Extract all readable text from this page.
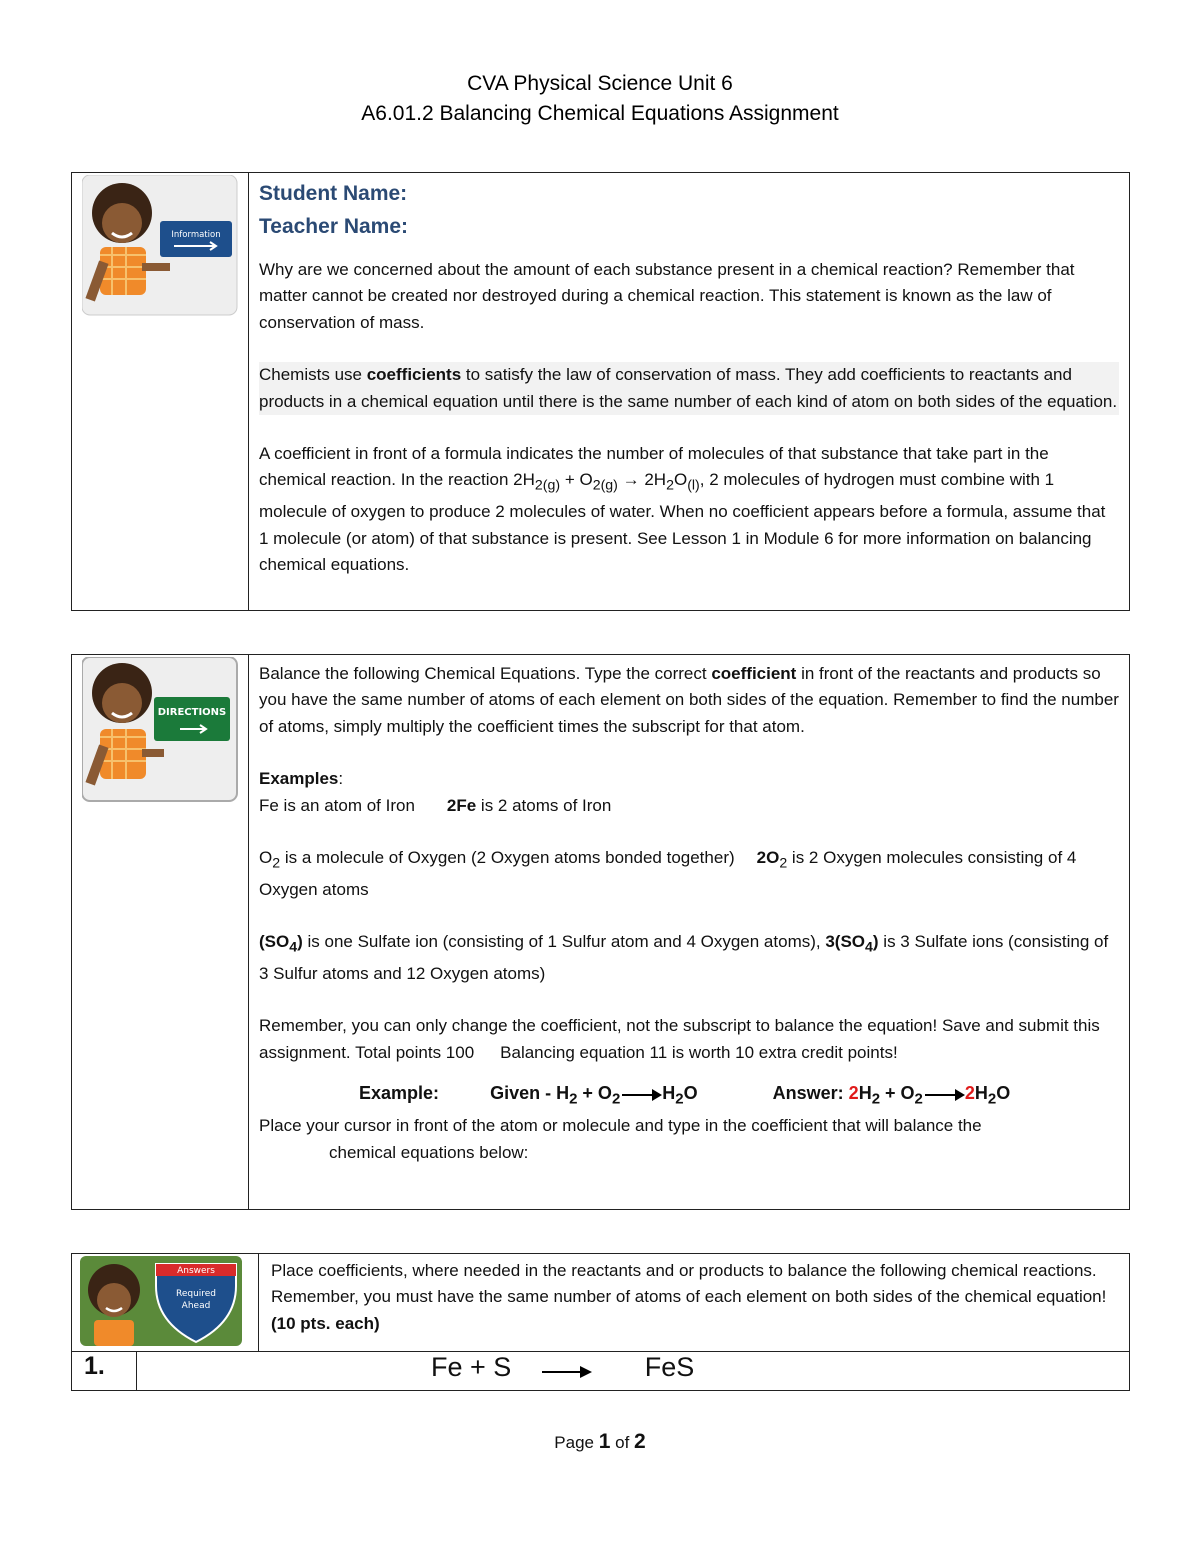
CVA Physical Science Unit 6
A6.01.2 Balancing Chemical Equations Assignment
Information

Student Name:
Teacher Name:

Why are we concerned about the amount of each substance present in a chemical reaction? Remember that matter cannot be created nor destroyed during a chemical reaction. This statement is known as the law of conservation of mass.

Chemists use coefficients to satisfy the law of conservation of mass. They add coefficients to reactants and products in a chemical equation until there is the same number of each kind of atom on both sides of the equation.

A coefficient in front of a formula indicates the number of molecules of that substance that take part in the chemical reaction. In the reaction $2H_{2(g)} + O_{2(g)} \to 2H_2O_{(l)}$, 2 molecules of hydrogen must combine with 1 molecule of oxygen to produce 2 molecules of water. When no coefficient appears before a formula, assume that 1 molecule (or atom) of that substance is present. See Lesson 1 in Module 6 for more information on balancing chemical equations.

DIRECTIONS

Balance the following Chemical Equations. Type the correct coefficient in front of the reactants and products so you have the same number of atoms of each element on both sides of the equation. Remember to find the number of atoms, simply multiply the coefficient times the subscript for that atom.

Examples:

Fe is an atom of Iron 2Fe is 2 atoms of Iron

$O_2$ is a molecule of Oxygen (2 Oxygen atoms bonded together) $2O_2$ is 2 Oxygen molecules consisting of 4 Oxygen atoms

$(SO_4)$ is one Sulfate ion (consisting of 1 Sulfur atom and 4 Oxygen atoms), $3(SO_4)$ is 3 Sulfate ions (consisting of 3 Sulfur atoms and 12 Oxygen atoms)

Remember, you can only change the coefficient, not the subscript to balance the equation! Save and submit this assignment. Total points 100 Balancing equation 11 is worth 10 extra credit points!

Example:	Given - $H_2 + O_2 \to H_2O$	Answer: $2H_2 + O_2 \to 2H_2O$

Place your cursor in front of the atom or molecule and type in the coefficient that will balance the
chemical equations below:

Answers
Required
Ahead

Place coefficients, where needed in the reactants and or products to balance the following chemical reactions. Remember, you must have the same number of atoms of each element on both sides of the chemical equation! (10 pts. each)

1.	Fe + S	FeS
Page 1 of 2
